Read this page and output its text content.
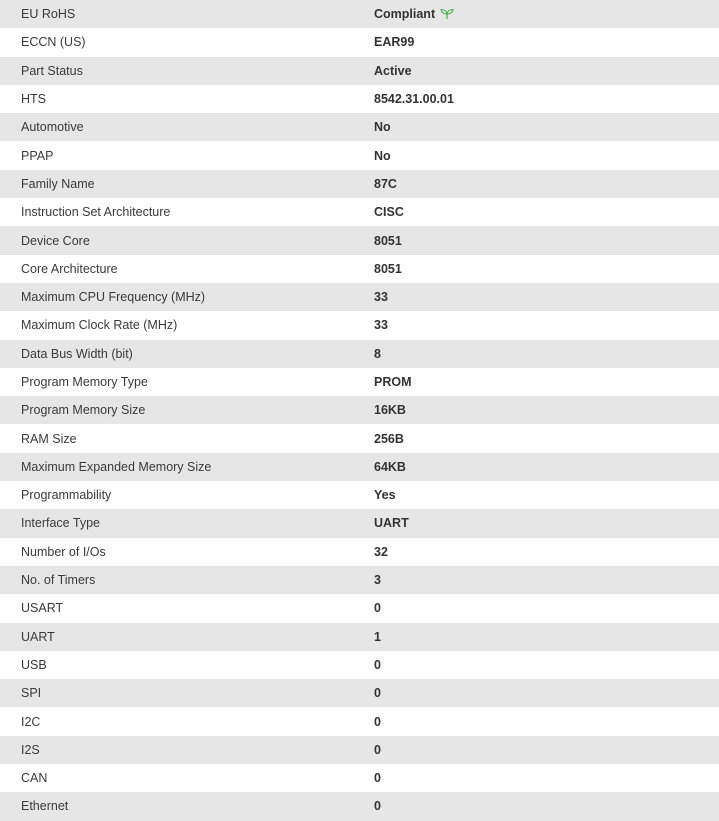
EU RoHS	Compliant
ECCN (US)	EAR99
Part Status	Active
HTS	8542.31.00.01
Automotive	No
PPAP	No
Family Name	87C
Instruction Set Architecture	CISC
Device Core	8051
Core Architecture	8051
Maximum CPU Frequency (MHz)	33
Maximum Clock Rate (MHz)	33
Data Bus Width (bit)	8
Program Memory Type	PROM
Program Memory Size	16KB
RAM Size	256B
Maximum Expanded Memory Size	64KB
Programmability	Yes
Interface Type	UART
Number of I/Os	32
No. of Timers	3
USART	0
UART	1
USB	0
SPI	0
I2C	0
I2S	0
CAN	0
Ethernet	0
